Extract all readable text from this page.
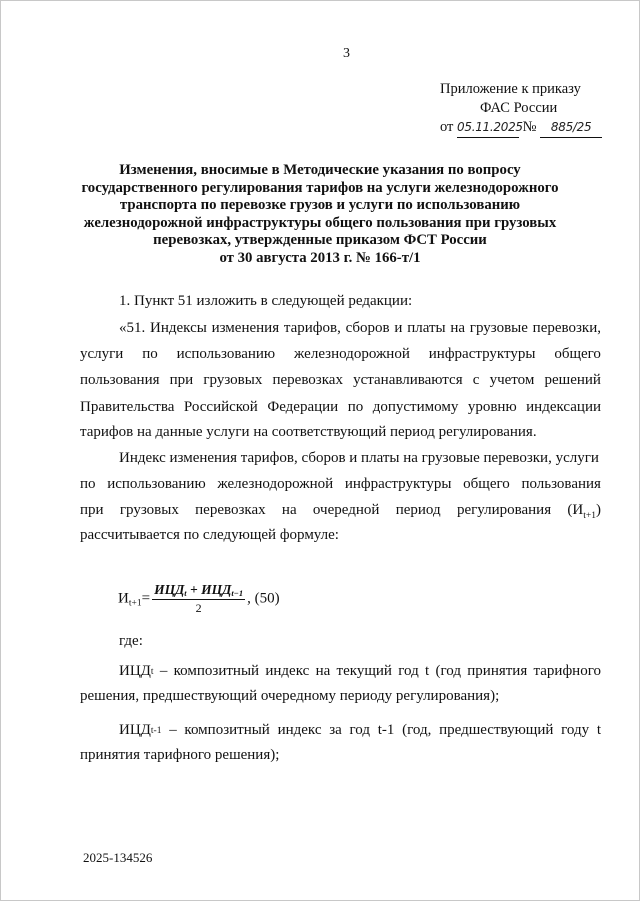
3
Приложение к приказу
ФАС России
от 05.11.2025 № 885/25
Изменения, вносимые в Методические указания по вопросу
государственного регулирования тарифов на услуги железнодорожного
транспорта по перевозке грузов и услуги по использованию
железнодорожной инфраструктуры общего пользования при грузовых
перевозках, утвержденные приказом ФСТ России
от 30 августа 2013 г. № 166-т/1
1. Пункт 51 изложить в следующей редакции:
«51. Индексы изменения тарифов, сборов и платы на грузовые перевозки,
услуги по использованию железнодорожной инфраструктуры общего
пользования при грузовых перевозках устанавливаются с учетом решений
Правительства Российской Федерации по допустимому уровню индексации
тарифов на данные услуги на соответствующий период регулирования.
Индекс изменения тарифов, сборов и платы на грузовые перевозки, услуги
по использованию железнодорожной инфраструктуры общего пользования
при грузовых перевозках на очередной период регулирования $(И_{t+1})$
рассчитывается по следующей формуле:
$И_{t+1}= \frac{ИЦД_t + ИЦД_{t-1}}{2}$ , (50)
где:
ИЦД t – композитный индекс на текущий год t (год принятия тарифного
решения, предшествующий очередному периоду регулирования);
ИЦД t-1 – композитный индекс за год t-1 (год, предшествующий году t
принятия тарифного решения);
2025-134526
